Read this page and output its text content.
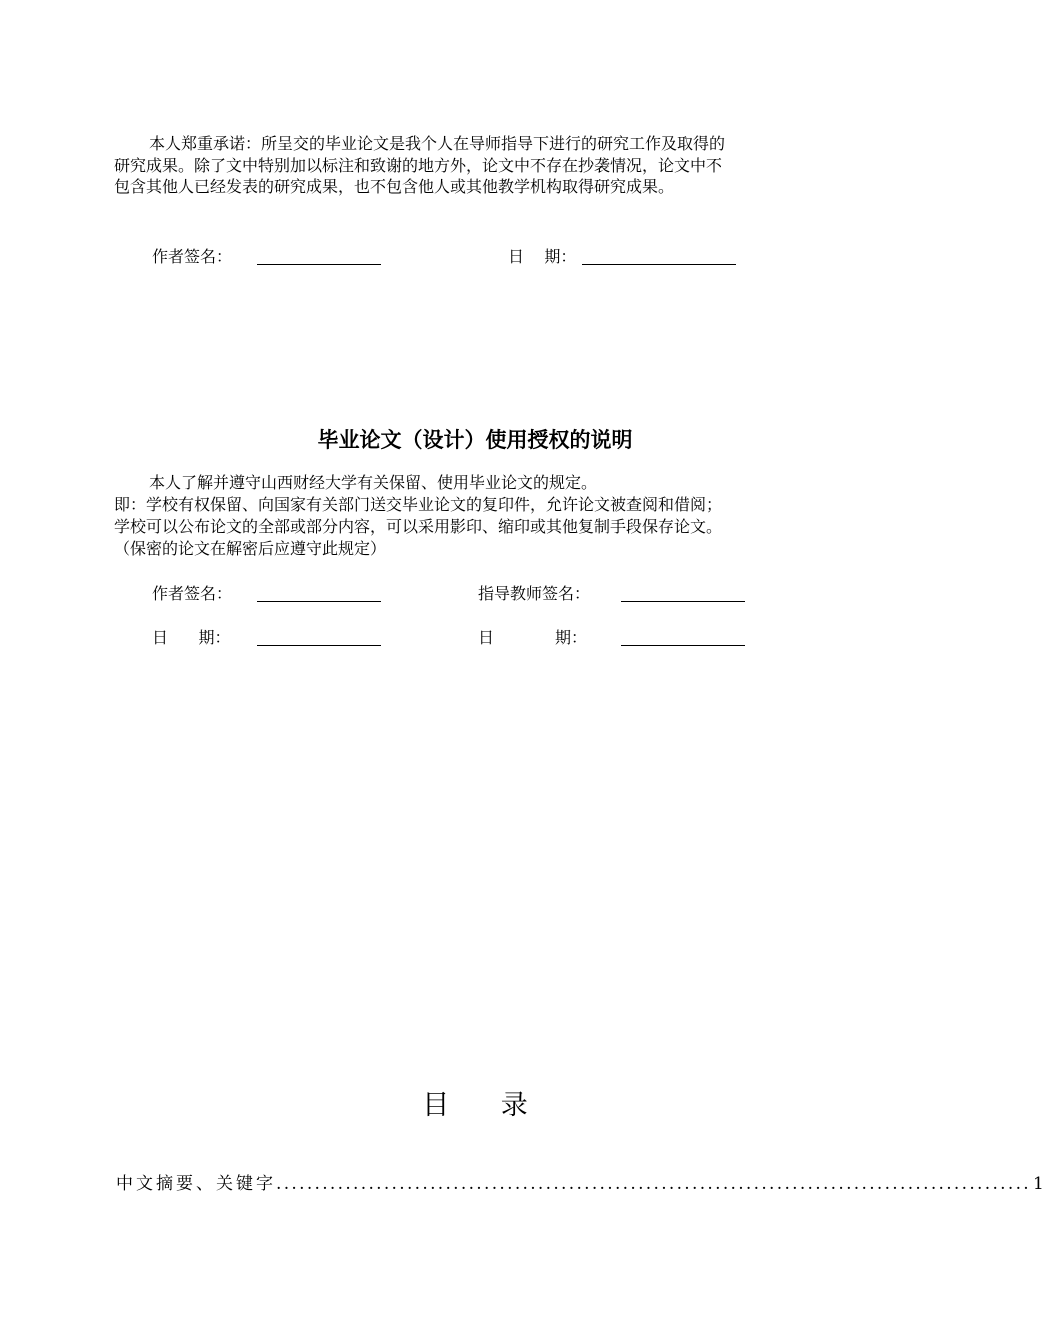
本人郑重承诺：所呈交的毕业论文是我个人在导师指导下进行的研究工作及取得的
研究成果。除了文中特别加以标注和致谢的地方外，论文中不存在抄袭情况，论文中不
包含其他人已经发表的研究成果，也不包含他人或其他教学机构取得研究成果。
作者签名：	日    期：
毕业论文（设计）使用授权的说明
本人了解并遵守山西财经大学有关保留、使用毕业论文的规定。
即：学校有权保留、向国家有关部门送交毕业论文的复印件，允许论文被查阅和借阅；
学校可以公布论文的全部或部分内容，可以采用影印、缩印或其他复制手段保存论文。
（保密的论文在解密后应遵守此规定）
作者签名：	指导教师签名：
日      期：	日            期：
目      录
中文摘要、关键字 .................................................................................................. 1
